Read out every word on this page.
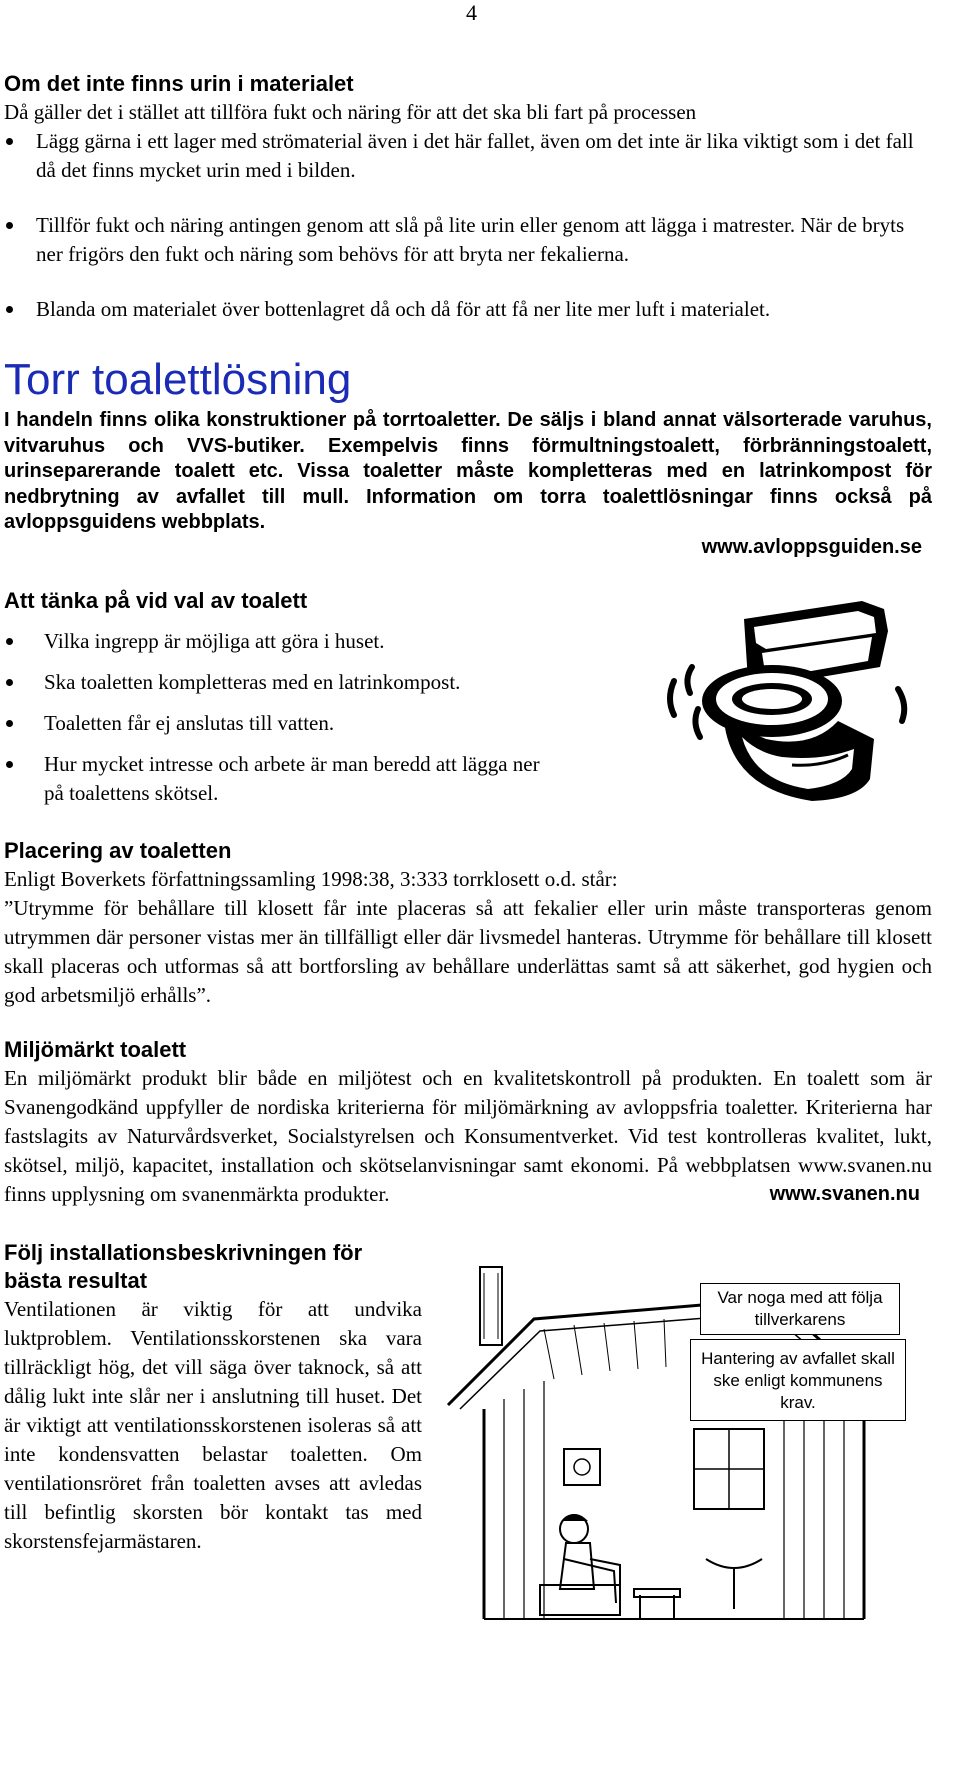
4
Om det inte finns urin i materialet

Då gäller det i stället att tillföra fukt och näring för att det ska bli fart på processen

Lägg gärna i ett lager med strömaterial även i det här fallet, även om det inte är lika viktigt som i det fall då det finns mycket urin med i bilden.
Tillför fukt och näring antingen genom att slå på lite urin eller genom att lägga i matrester. När de bryts ner frigörs den fukt och näring som behövs för att bryta ner fekalierna.
Blanda om materialet över bottenlagret då och då för att få ner lite mer luft i materialet.
Torr toalettlösning

I handeln finns olika konstruktioner på torrtoaletter. De säljs i bland annat välsorterade varuhus, vitvaruhus och VVS-butiker. Exempelvis finns förmultningstoalett, förbränningstoalett, urinseparerande toalett etc. Vissa toaletter måste kompletteras med en latrinkompost för nedbrytning av avfallet till mull. Information om torra toalettlösningar finns också på avloppsguidens webbplats.

www.avloppsguiden.se

Att tänka på vid val av toalett
Vilka ingrepp är möjliga att göra i huset.
Ska toaletten kompletteras med en latrinkompost.
Toaletten får ej anslutas till vatten.
Hur mycket intresse och arbete är man beredd att lägga ner på toalettens skötsel.
Placering av toaletten

Enligt Boverkets författningssamling 1998:38, 3:333 torrklosett o.d. står:

”Utrymme för behållare till klosett får inte placeras så att fekalier eller urin måste transporteras genom utrymmen där personer vistas mer än tillfälligt eller där livsmedel hanteras. Utrymme för behållare till klosett skall placeras och utformas så att bortforsling av behållare underlättas samt så att säkerhet, god hygien och god arbetsmiljö erhålls”.

Miljömärkt toalett

En miljömärkt produkt blir både en miljötest och en kvalitetskontroll på produkten. En toalett som är Svanengodkänd uppfyller de nordiska kriterierna för miljömärkning av avloppsfria toaletter. Kriterierna har fastslagits av Naturvårdsverket, Socialstyrelsen och Konsumentverket. Vid test kontrolleras kvalitet, lukt, skötsel, miljö, kapacitet, installation och skötselanvisningar samt ekonomi. På webbplatsen www.svanen.nu finns upplysning om svanenmärkta produkter.	www.svanen.nu
Följ installationsbeskrivningen för bästa resultat

Ventilationen är viktig för att undvika luktproblem. Ventilationsskorstenen ska vara tillräckligt hög, det vill säga över taknock, så att dålig lukt inte slår ner i anslutning till huset. Det är viktigt att ventilationsskorstenen isoleras så att inte kondensvatten belastar toaletten. Om ventilationsröret från toaletten avses att avledas till befintlig skorsten bör kontakt tas med skorstensfejarmästaren.

Var noga med att följa tillverkarens
Hantering av avfallet skall ske enligt kommunens krav.
